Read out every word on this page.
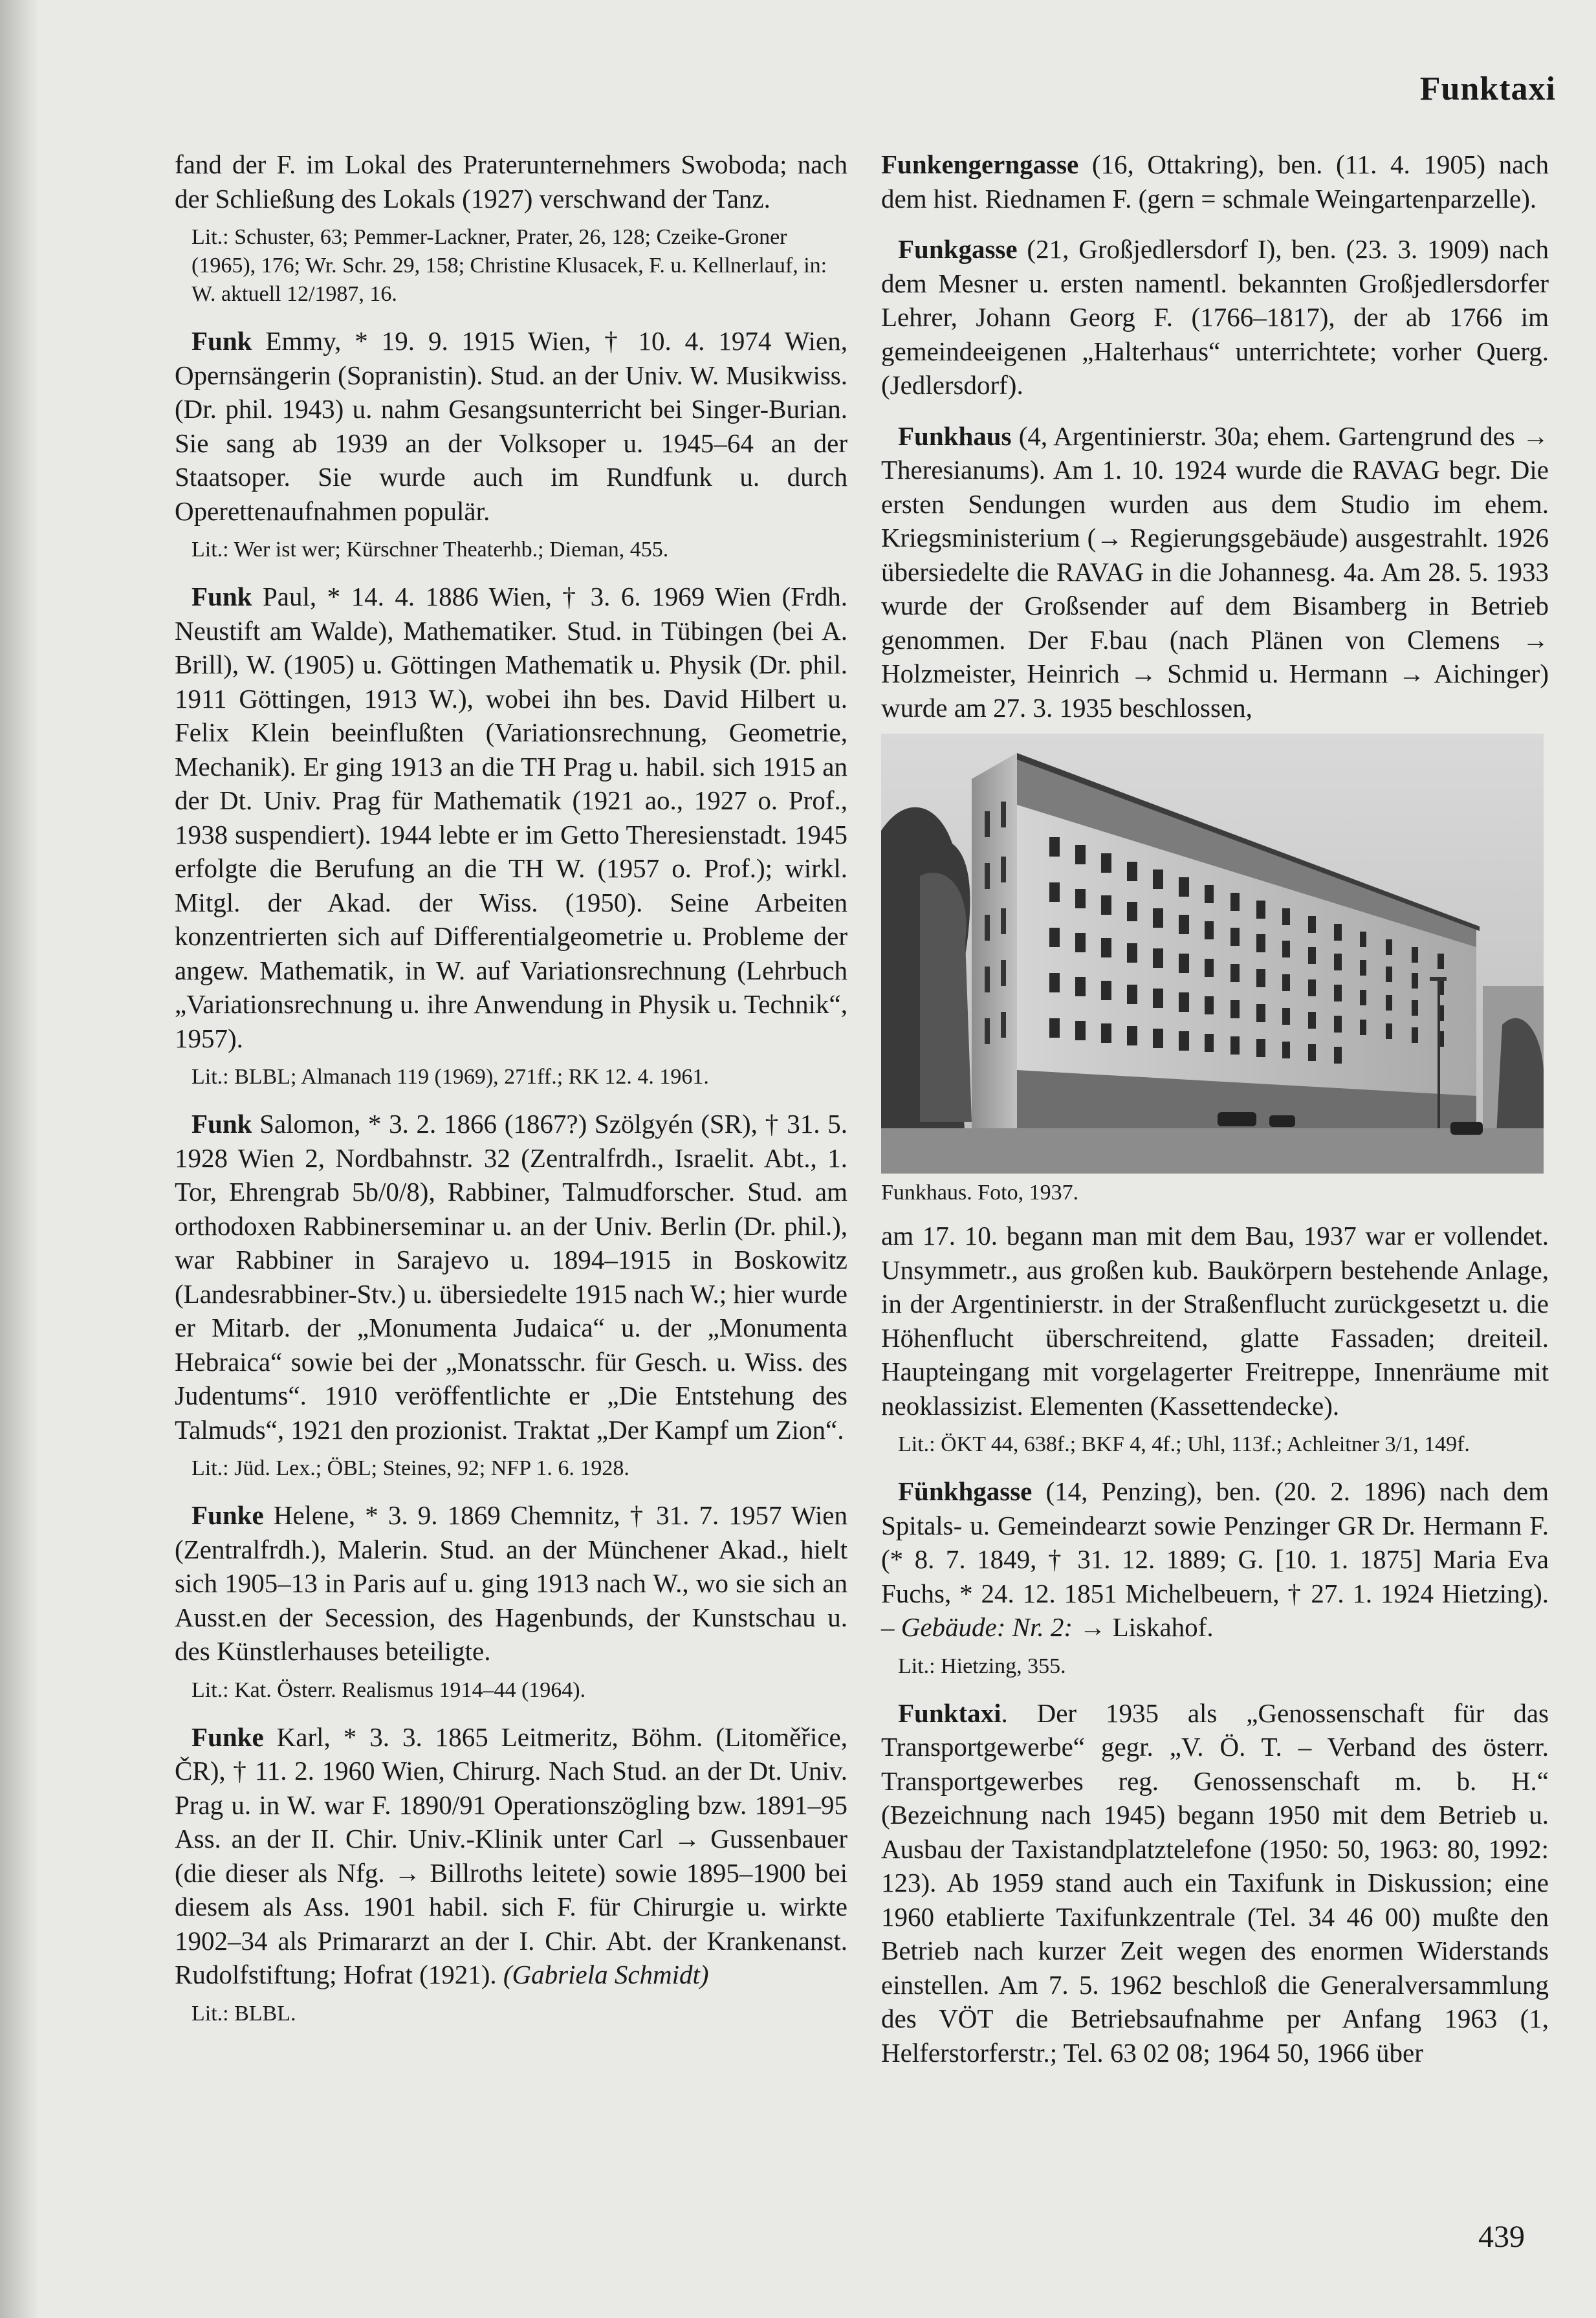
Funktaxi

fand der F. im Lokal des Praterunternehmers Swoboda; nach der Schließung des Lokals (1927) verschwand der Tanz.

Lit.: Schuster, 63; Pemmer-Lackner, Prater, 26, 128; Czeike-Groner (1965), 176; Wr. Schr. 29, 158; Christine Klusacek, F. u. Kellnerlauf, in: W. aktuell 12/1987, 16.

Funk Emmy, * 19. 9. 1915 Wien, † 10. 4. 1974 Wien, Opernsängerin (Sopranistin). Stud. an der Univ. W. Musikwiss. (Dr. phil. 1943) u. nahm Gesangsunterricht bei Singer-Burian. Sie sang ab 1939 an der Volksoper u. 1945–64 an der Staatsoper. Sie wurde auch im Rundfunk u. durch Operettenaufnahmen populär.

Lit.: Wer ist wer; Kürschner Theaterhb.; Dieman, 455.

Funk Paul, * 14. 4. 1886 Wien, † 3. 6. 1969 Wien (Frdh. Neustift am Walde), Mathematiker. Stud. in Tübingen (bei A. Brill), W. (1905) u. Göttingen Mathematik u. Physik (Dr. phil. 1911 Göttingen, 1913 W.), wobei ihn bes. David Hilbert u. Felix Klein beeinflußten (Variationsrechnung, Geometrie, Mechanik). Er ging 1913 an die TH Prag u. habil. sich 1915 an der Dt. Univ. Prag für Mathematik (1921 ao., 1927 o. Prof., 1938 suspendiert). 1944 lebte er im Getto Theresienstadt. 1945 erfolgte die Berufung an die TH W. (1957 o. Prof.); wirkl. Mitgl. der Akad. der Wiss. (1950). Seine Arbeiten konzentrierten sich auf Differentialgeometrie u. Probleme der angew. Mathematik, in W. auf Variationsrechnung (Lehrbuch „Variationsrechnung u. ihre Anwendung in Physik u. Technik“, 1957).

Lit.: BLBL; Almanach 119 (1969), 271ff.; RK 12. 4. 1961.

Funk Salomon, * 3. 2. 1866 (1867?) Szölgyén (SR), † 31. 5. 1928 Wien 2, Nordbahnstr. 32 (Zentralfrdh., Israelit. Abt., 1. Tor, Ehrengrab 5b/0/8), Rabbiner, Talmudforscher. Stud. am orthodoxen Rabbinerseminar u. an der Univ. Berlin (Dr. phil.), war Rabbiner in Sarajevo u. 1894–1915 in Boskowitz (Landesrabbiner-Stv.) u. übersiedelte 1915 nach W.; hier wurde er Mitarb. der „Monumenta Judaica“ u. der „Monumenta Hebraica“ sowie bei der „Monatsschr. für Gesch. u. Wiss. des Judentums“. 1910 veröffentlichte er „Die Entstehung des Talmuds“, 1921 den prozionist. Traktat „Der Kampf um Zion“.

Lit.: Jüd. Lex.; ÖBL; Steines, 92; NFP 1. 6. 1928.

Funke Helene, * 3. 9. 1869 Chemnitz, † 31. 7. 1957 Wien (Zentralfrdh.), Malerin. Stud. an der Münchener Akad., hielt sich 1905–13 in Paris auf u. ging 1913 nach W., wo sie sich an Ausst.en der Secession, des Hagenbunds, der Kunstschau u. des Künstlerhauses beteiligte.

Lit.: Kat. Österr. Realismus 1914–44 (1964).

Funke Karl, * 3. 3. 1865 Leitmeritz, Böhm. (Litoměřice, ČR), † 11. 2. 1960 Wien, Chirurg. Nach Stud. an der Dt. Univ. Prag u. in W. war F. 1890/91 Operationszögling bzw. 1891–95 Ass. an der II. Chir. Univ.-Klinik unter Carl → Gussenbauer (die dieser als Nfg. → Billroths leitete) sowie 1895–1900 bei diesem als Ass. 1901 habil. sich F. für Chirurgie u. wirkte 1902–34 als Primararzt an der I. Chir. Abt. der Krankenanst. Rudolfstiftung; Hofrat (1921). (Gabriela Schmidt)

Lit.: BLBL.

Funkengerngasse (16, Ottakring), ben. (11. 4. 1905) nach dem hist. Riednamen F. (gern = schmale Weingartenparzelle).

Funkgasse (21, Großjedlersdorf I), ben. (23. 3. 1909) nach dem Mesner u. ersten namentl. bekannten Großjedlersdorfer Lehrer, Johann Georg F. (1766–1817), der ab 1766 im gemeindeeigenen „Halterhaus“ unterrichtete; vorher Querg. (Jedlersdorf).

Funkhaus (4, Argentinierstr. 30a; ehem. Gartengrund des → Theresianums). Am 1. 10. 1924 wurde die RAVAG begr. Die ersten Sendungen wurden aus dem Studio im ehem. Kriegsministerium (→ Regierungsgebäude) ausgestrahlt. 1926 übersiedelte die RAVAG in die Johannesg. 4a. Am 28. 5. 1933 wurde der Großsender auf dem Bisamberg in Betrieb genommen. Der F.bau (nach Plänen von Clemens → Holzmeister, Heinrich → Schmid u. Hermann → Aichinger) wurde am 27. 3. 1935 beschlossen,

Funkhaus. Foto, 1937.

am 17. 10. begann man mit dem Bau, 1937 war er vollendet. Unsymmetr., aus großen kub. Baukörpern bestehende Anlage, in der Argentinierstr. in der Straßenflucht zurückgesetzt u. die Höhenflucht überschreitend, glatte Fassaden; dreiteil. Haupteingang mit vorgelagerter Freitreppe, Innenräume mit neoklassizist. Elementen (Kassettendecke).

Lit.: ÖKT 44, 638f.; BKF 4, 4f.; Uhl, 113f.; Achleitner 3/1, 149f.

Fünkhgasse (14, Penzing), ben. (20. 2. 1896) nach dem Spitals- u. Gemeindearzt sowie Penzinger GR Dr. Hermann F. (* 8. 7. 1849, † 31. 12. 1889; G. [10. 1. 1875] Maria Eva Fuchs, * 24. 12. 1851 Michelbeuern, † 27. 1. 1924 Hietzing). – Gebäude: Nr. 2: → Liskahof.

Lit.: Hietzing, 355.

Funktaxi. Der 1935 als „Genossenschaft für das Transportgewerbe“ gegr. „V. Ö. T. – Verband des österr. Transportgewerbes reg. Genossenschaft m. b. H.“ (Bezeichnung nach 1945) begann 1950 mit dem Betrieb u. Ausbau der Taxistandplatztelefone (1950: 50, 1963: 80, 1992: 123). Ab 1959 stand auch ein Taxifunk in Diskussion; eine 1960 etablierte Taxifunkzentrale (Tel. 34 46 00) mußte den Betrieb nach kurzer Zeit wegen des enormen Widerstands einstellen. Am 7. 5. 1962 beschloß die Generalversammlung des VÖT die Betriebsaufnahme per Anfang 1963 (1, Helferstorferstr.; Tel. 63 02 08; 1964 50, 1966 über

439
